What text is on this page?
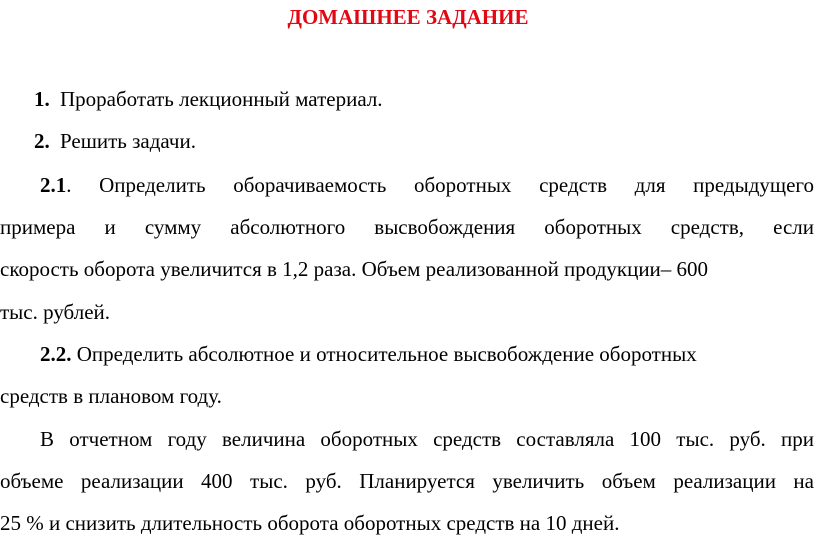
ДОМАШНЕЕ ЗАДАНИЕ
1. Проработать лекционный материал.
2. Решить задачи.
2.1. Определить оборачиваемость оборотных средств для предыдущего
примера и сумму абсолютного высвобождения оборотных средств, если
скорость оборота увеличится в 1,2 раза. Объем реализованной продукции– 600
тыс. рублей.
2.2. Определить абсолютное и относительное высвобождение оборотных
средств в плановом году.
В отчетном году величина оборотных средств составляла 100 тыс. руб. при
объеме реализации 400 тыс. руб. Планируется увеличить объем реализации на
25 % и снизить длительность оборота оборотных средств на 10 дней.
